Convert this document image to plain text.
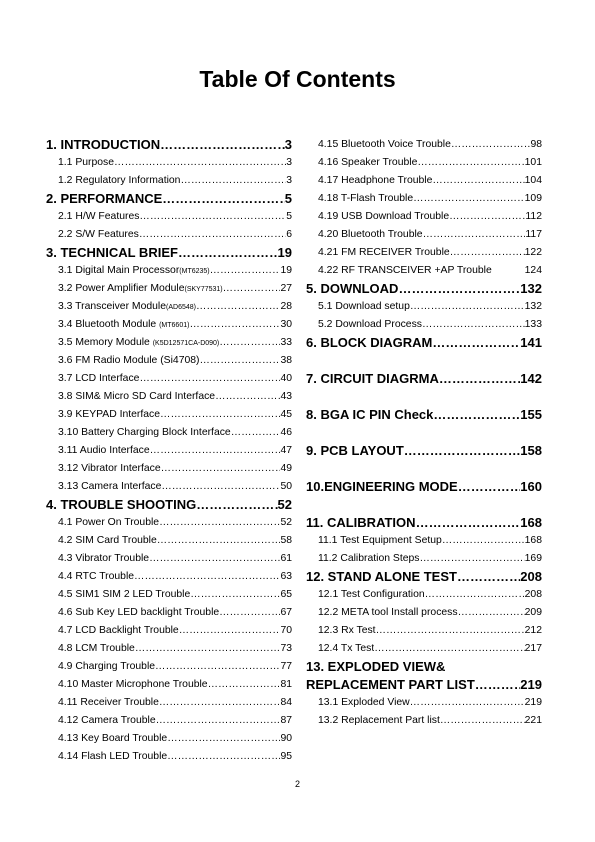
Table Of Contents
1. INTRODUCTION ……………………………………………………………………………………………………………………	3
1.1 Purpose ……………………………………………………………………………………………………………………	3
1.2 Regulatory Information ……………………………………………………………………………………………………………………	3
2. PERFORMANCE ……………………………………………………………………………………………………………………	5
2.1 H/W Features ……………………………………………………………………………………………………………………	5
2.2 S/W Features ……………………………………………………………………………………………………………………	6
3. TECHNICAL BRIEF ……………………………………………………………………………………………………………………	19
3.1 Digital Main Processor(MT6235) ……………………………………………………………………………………………………………………	19
3.2 Power Amplifier Module(SKY77531) ……………………………………………………………………………………………………………………	27
3.3 Transceiver Module(AD6548) ……………………………………………………………………………………………………………………	28
3.4 Bluetooth Module (MT6601) ……………………………………………………………………………………………………………………	30
3.5 Memory Module (K5D12571CA-D090) ……………………………………………………………………………………………………………………	33
3.6 FM Radio Module (Si4708) ……………………………………………………………………………………………………………………	38
3.7 LCD Interface ……………………………………………………………………………………………………………………	40
3.8 SIM& Micro SD Card Interface ……………………………………………………………………………………………………………………	43
3.9 KEYPAD Interface ……………………………………………………………………………………………………………………	45
3.10 Battery Charging Block Interface ……………………………………………………………………………………………………………………	46
3.11 Audio Interface ……………………………………………………………………………………………………………………	47
3.12 Vibrator Interface ……………………………………………………………………………………………………………………	49
3.13 Camera Interface ……………………………………………………………………………………………………………………	50
4. TROUBLE SHOOTING ……………………………………………………………………………………………………………………	52
4.1 Power On Trouble ……………………………………………………………………………………………………………………	52
4.2 SIM Card Trouble ……………………………………………………………………………………………………………………	58
4.3 Vibrator Trouble ……………………………………………………………………………………………………………………	61
4.4 RTC Trouble ……………………………………………………………………………………………………………………	63
4.5 SIM1 SIM 2 LED Trouble ……………………………………………………………………………………………………………………	65
4.6 Sub Key LED backlight Trouble ……………………………………………………………………………………………………………………	67
4.7 LCD Backlight Trouble ……………………………………………………………………………………………………………………	70
4.8 LCM Trouble ……………………………………………………………………………………………………………………	73
4.9 Charging Trouble ……………………………………………………………………………………………………………………	77
4.10 Master Microphone Trouble ……………………………………………………………………………………………………………………	81
4.11 Receiver Trouble ……………………………………………………………………………………………………………………	84
4.12 Camera Trouble ……………………………………………………………………………………………………………………	87
4.13 Key Board Trouble ……………………………………………………………………………………………………………………	90
4.14 Flash LED Trouble ……………………………………………………………………………………………………………………	95
4.15 Bluetooth Voice Trouble ……………………………………………………………………………………………………………………	98
4.16 Speaker Trouble ……………………………………………………………………………………………………………………	101
4.17 Headphone Trouble ……………………………………………………………………………………………………………………	104
4.18 T-Flash Trouble ……………………………………………………………………………………………………………………	109
4.19 USB Download Trouble ……………………………………………………………………………………………………………………	112
4.20 Bluetooth Trouble ……………………………………………………………………………………………………………………	117
4.21 FM RECEIVER Trouble ……………………………………………………………………………………………………………………	122
4.22 RF TRANSCEIVER +AP Trouble	124
5. DOWNLOAD ……………………………………………………………………………………………………………………	132
5.1 Download setup ……………………………………………………………………………………………………………………	132
5.2 Download Process ……………………………………………………………………………………………………………………	133
6. BLOCK DIAGRAM ……………………………………………………………………………………………………………………	141
7. CIRCUIT DIAGRMA ……………………………………………………………………………………………………………………	142
8. BGA IC PIN Check ……………………………………………………………………………………………………………………	155
9. PCB LAYOUT ……………………………………………………………………………………………………………………	158
10.ENGINEERING MODE ……………………………………………………………………………………………………………………	160
11. CALIBRATION ……………………………………………………………………………………………………………………	168
11.1 Test Equipment Setup ……………………………………………………………………………………………………………………	168
11.2 Calibration Steps ……………………………………………………………………………………………………………………	169
12. STAND ALONE TEST ……………………………………………………………………………………………………………………	208
12.1 Test Configuration ……………………………………………………………………………………………………………………	208
12.2 META tool Install process ……………………………………………………………………………………………………………………	209
12.3 Rx Test ……………………………………………………………………………………………………………………	212
12.4 Tx Test ……………………………………………………………………………………………………………………	217
13. EXPLODED VIEW&
REPLACEMENT PART LIST ……………………………………………………………………………………………………………………	219
13.1 Exploded View ……………………………………………………………………………………………………………………	219
13.2 Replacement Part list ……………………………………………………………………………………………………………………	221
2
